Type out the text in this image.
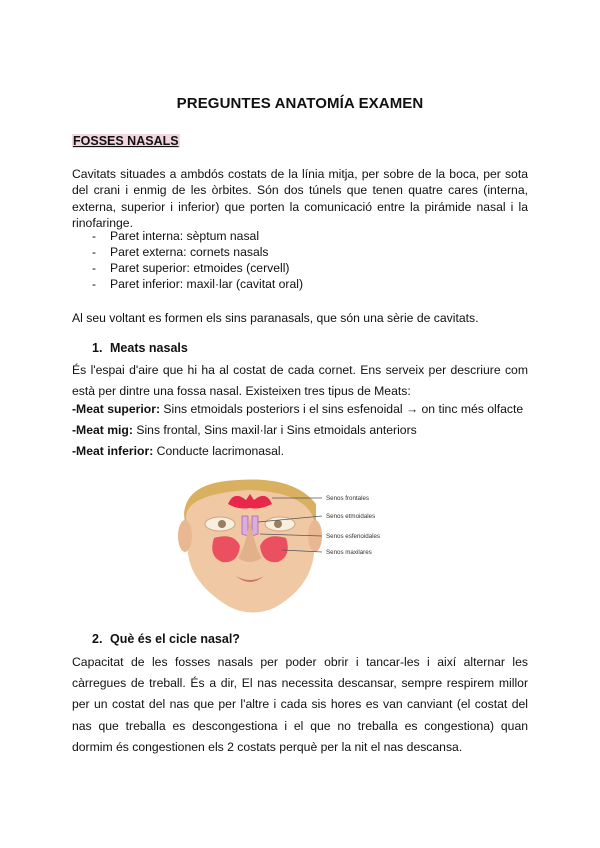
PREGUNTES ANATOMÍA EXAMEN
FOSSES NASALS
Cavitats situades a ambdós costats de la línia mitja, per sobre de la boca, per sota del crani i enmig de les òrbites. Són dos túnels que tenen quatre cares (interna, externa, superior i inferior) que porten la comunicació entre la pirámide nasal i la rinofaringe.
- Paret interna: sèptum nasal
- Paret externa: cornets nasals
- Paret superior: etmoides (cervell)
- Paret inferior: maxil·lar (cavitat oral)
Al seu voltant es formen els sins paranasals, que són una sèrie de cavitats.
1. Meats nasals
És l'espai d'aire que hi ha al costat de cada cornet. Ens serveix per descriure com està per dintre una fossa nasal. Existeixen tres tipus de Meats:
-Meat superior: Sins etmoidals posteriors i el sins esfenoidal → on tinc més olfacte
-Meat mig: Sins frontal, Sins maxil·lar i Sins etmoidals anteriors
-Meat inferior: Conducte lacrimonasal.
Senos frontales
Senos etmoidales
Senos esfenoidales
Senos maxilares
2. Què és el cicle nasal?
Capacitat de les fosses nasals per poder obrir i tancar-les i així alternar les càrregues de treball. És a dir, El nas necessita descansar, sempre respirem millor per un costat del nas que per l'altre i cada sis hores es van canviant (el costat del nas que treballa es descongestiona i el que no treballa es congestiona) quan dormim és congestionen els 2 costats perquè per la nit el nas descansa.
